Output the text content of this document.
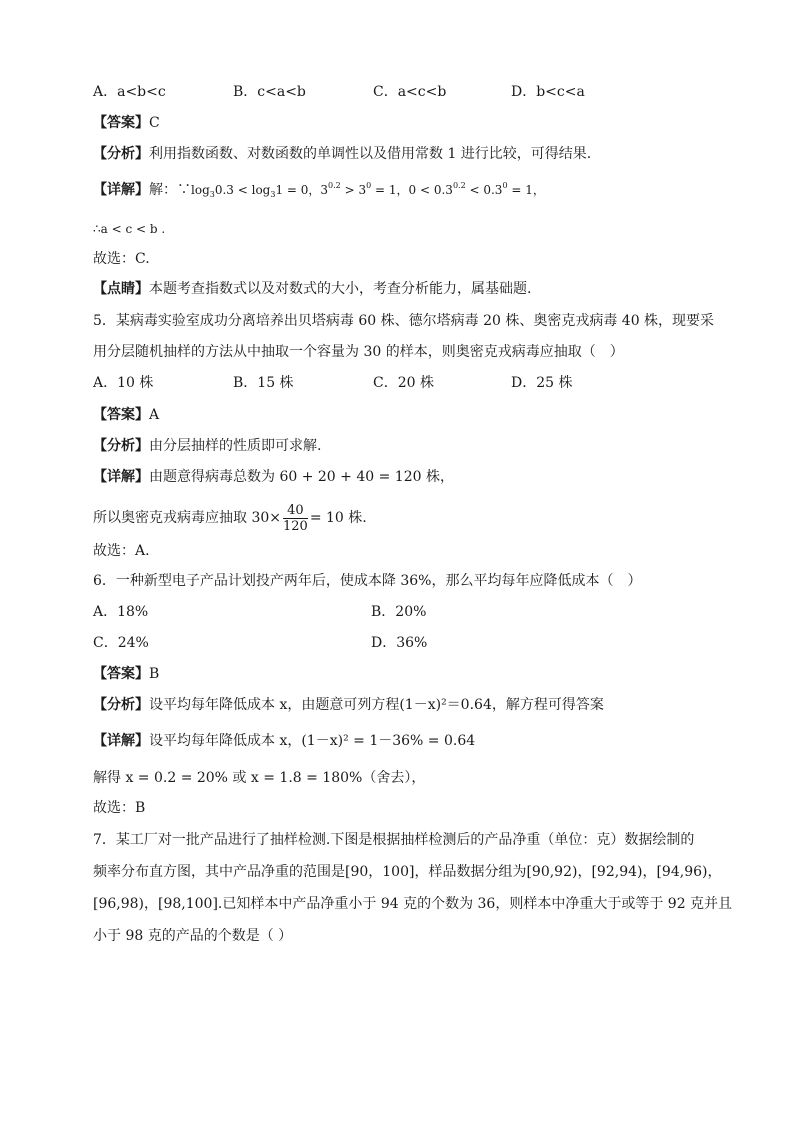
A．a<b<c	B．c<a<b	C．a<c<b	D．b<c<a
【答案】C
【分析】利用指数函数、对数函数的单调性以及借用常数 1 进行比较，可得结果.
【详解】解：$\because\log_30.3 < \log_31 = 0$，$3^{0.2} > 3^0 = 1$，$0 < 0.3^{0.2} < 0.3^0 = 1$，
∴a < c < b .
故选：C.
【点睛】本题考查指数式以及对数式的大小，考查分析能力，属基础题.
5．某病毒实验室成功分离培养出贝塔病毒 60 株、德尔塔病毒 20 株、奥密克戎病毒 40 株，现要采
用分层随机抽样的方法从中抽取一个容量为 30 的样本，则奥密克戎病毒应抽取（　）
A．10 株	B．15 株	C．20 株	D．25 株
【答案】A
【分析】由分层抽样的性质即可求解.
【详解】由题意得病毒总数为 60 + 20 + 40 = 120 株，
所以奥密克戎病毒应抽取 $30\times \frac{40}{120} = 10$ 株.
故选：A.
6．一种新型电子产品计划投产两年后，使成本降 36%，那么平均每年应降低成本（　）
A．18%	B．20%
C．24%	D．36%
【答案】B
【分析】设平均每年降低成本 x，由题意可列方程(1－x)²＝0.64，解方程可得答案
【详解】设平均每年降低成本 x，(1－x)² = 1－36% = 0.64
解得 x = 0.2 = 20% 或 x = 1.8 = 180%（舍去），
故选：B
7．某工厂对一批产品进行了抽样检测.下图是根据抽样检测后的产品净重（单位：克）数据绘制的
频率分布直方图，其中产品净重的范围是[90，100]，样品数据分组为[90,92)，[92,94)，[94,96)，
[96,98)，[98,100].已知样本中产品净重小于 94 克的个数为 36，则样本中净重大于或等于 92 克并且
小于 98 克的产品的个数是（ ）
